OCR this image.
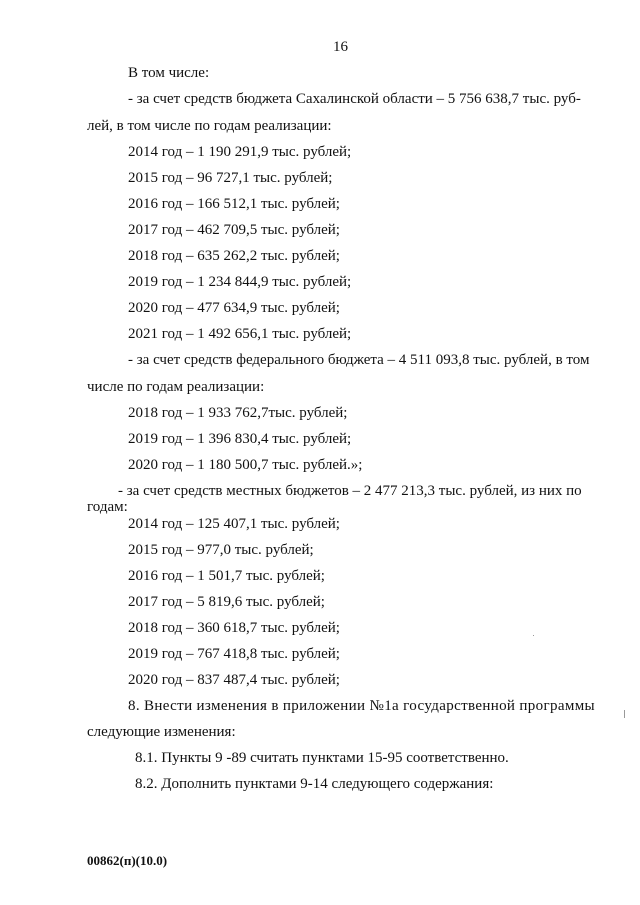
16
В том числе:
- за счет средств бюджета Сахалинской области – 5 756 638,7 тыс. руб-
лей, в том числе по годам реализации:
2014 год – 1 190 291,9 тыс. рублей;
2015 год – 96 727,1 тыс. рублей;
2016 год – 166 512,1 тыс. рублей;
2017 год – 462 709,5 тыс. рублей;
2018 год – 635 262,2 тыс. рублей;
2019 год – 1 234 844,9 тыс. рублей;
2020 год – 477 634,9 тыс. рублей;
2021 год – 1 492 656,1 тыс. рублей;
- за счет средств федерального бюджета – 4 511 093,8 тыс. рублей, в том
числе по годам реализации:
2018 год – 1 933 762,7тыс. рублей;
2019 год – 1 396 830,4 тыс. рублей;
2020 год – 1 180 500,7 тыс. рублей.»;
- за счет средств местных бюджетов – 2 477 213,3 тыс. рублей, из них по
годам:
2014 год – 125 407,1 тыс. рублей;
2015 год – 977,0 тыс. рублей;
2016 год – 1 501,7 тыс. рублей;
2017 год – 5 819,6 тыс. рублей;
2018 год – 360 618,7 тыс. рублей;
2019 год – 767 418,8 тыс. рублей;
2020 год – 837 487,4 тыс. рублей;
8. Внести изменения в приложении №1а государственной программы
следующие изменения:
8.1. Пункты 9 -89 считать пунктами 15-95 соответственно.
8.2. Дополнить пунктами 9-14 следующего содержания:
00862(п)(10.0)
